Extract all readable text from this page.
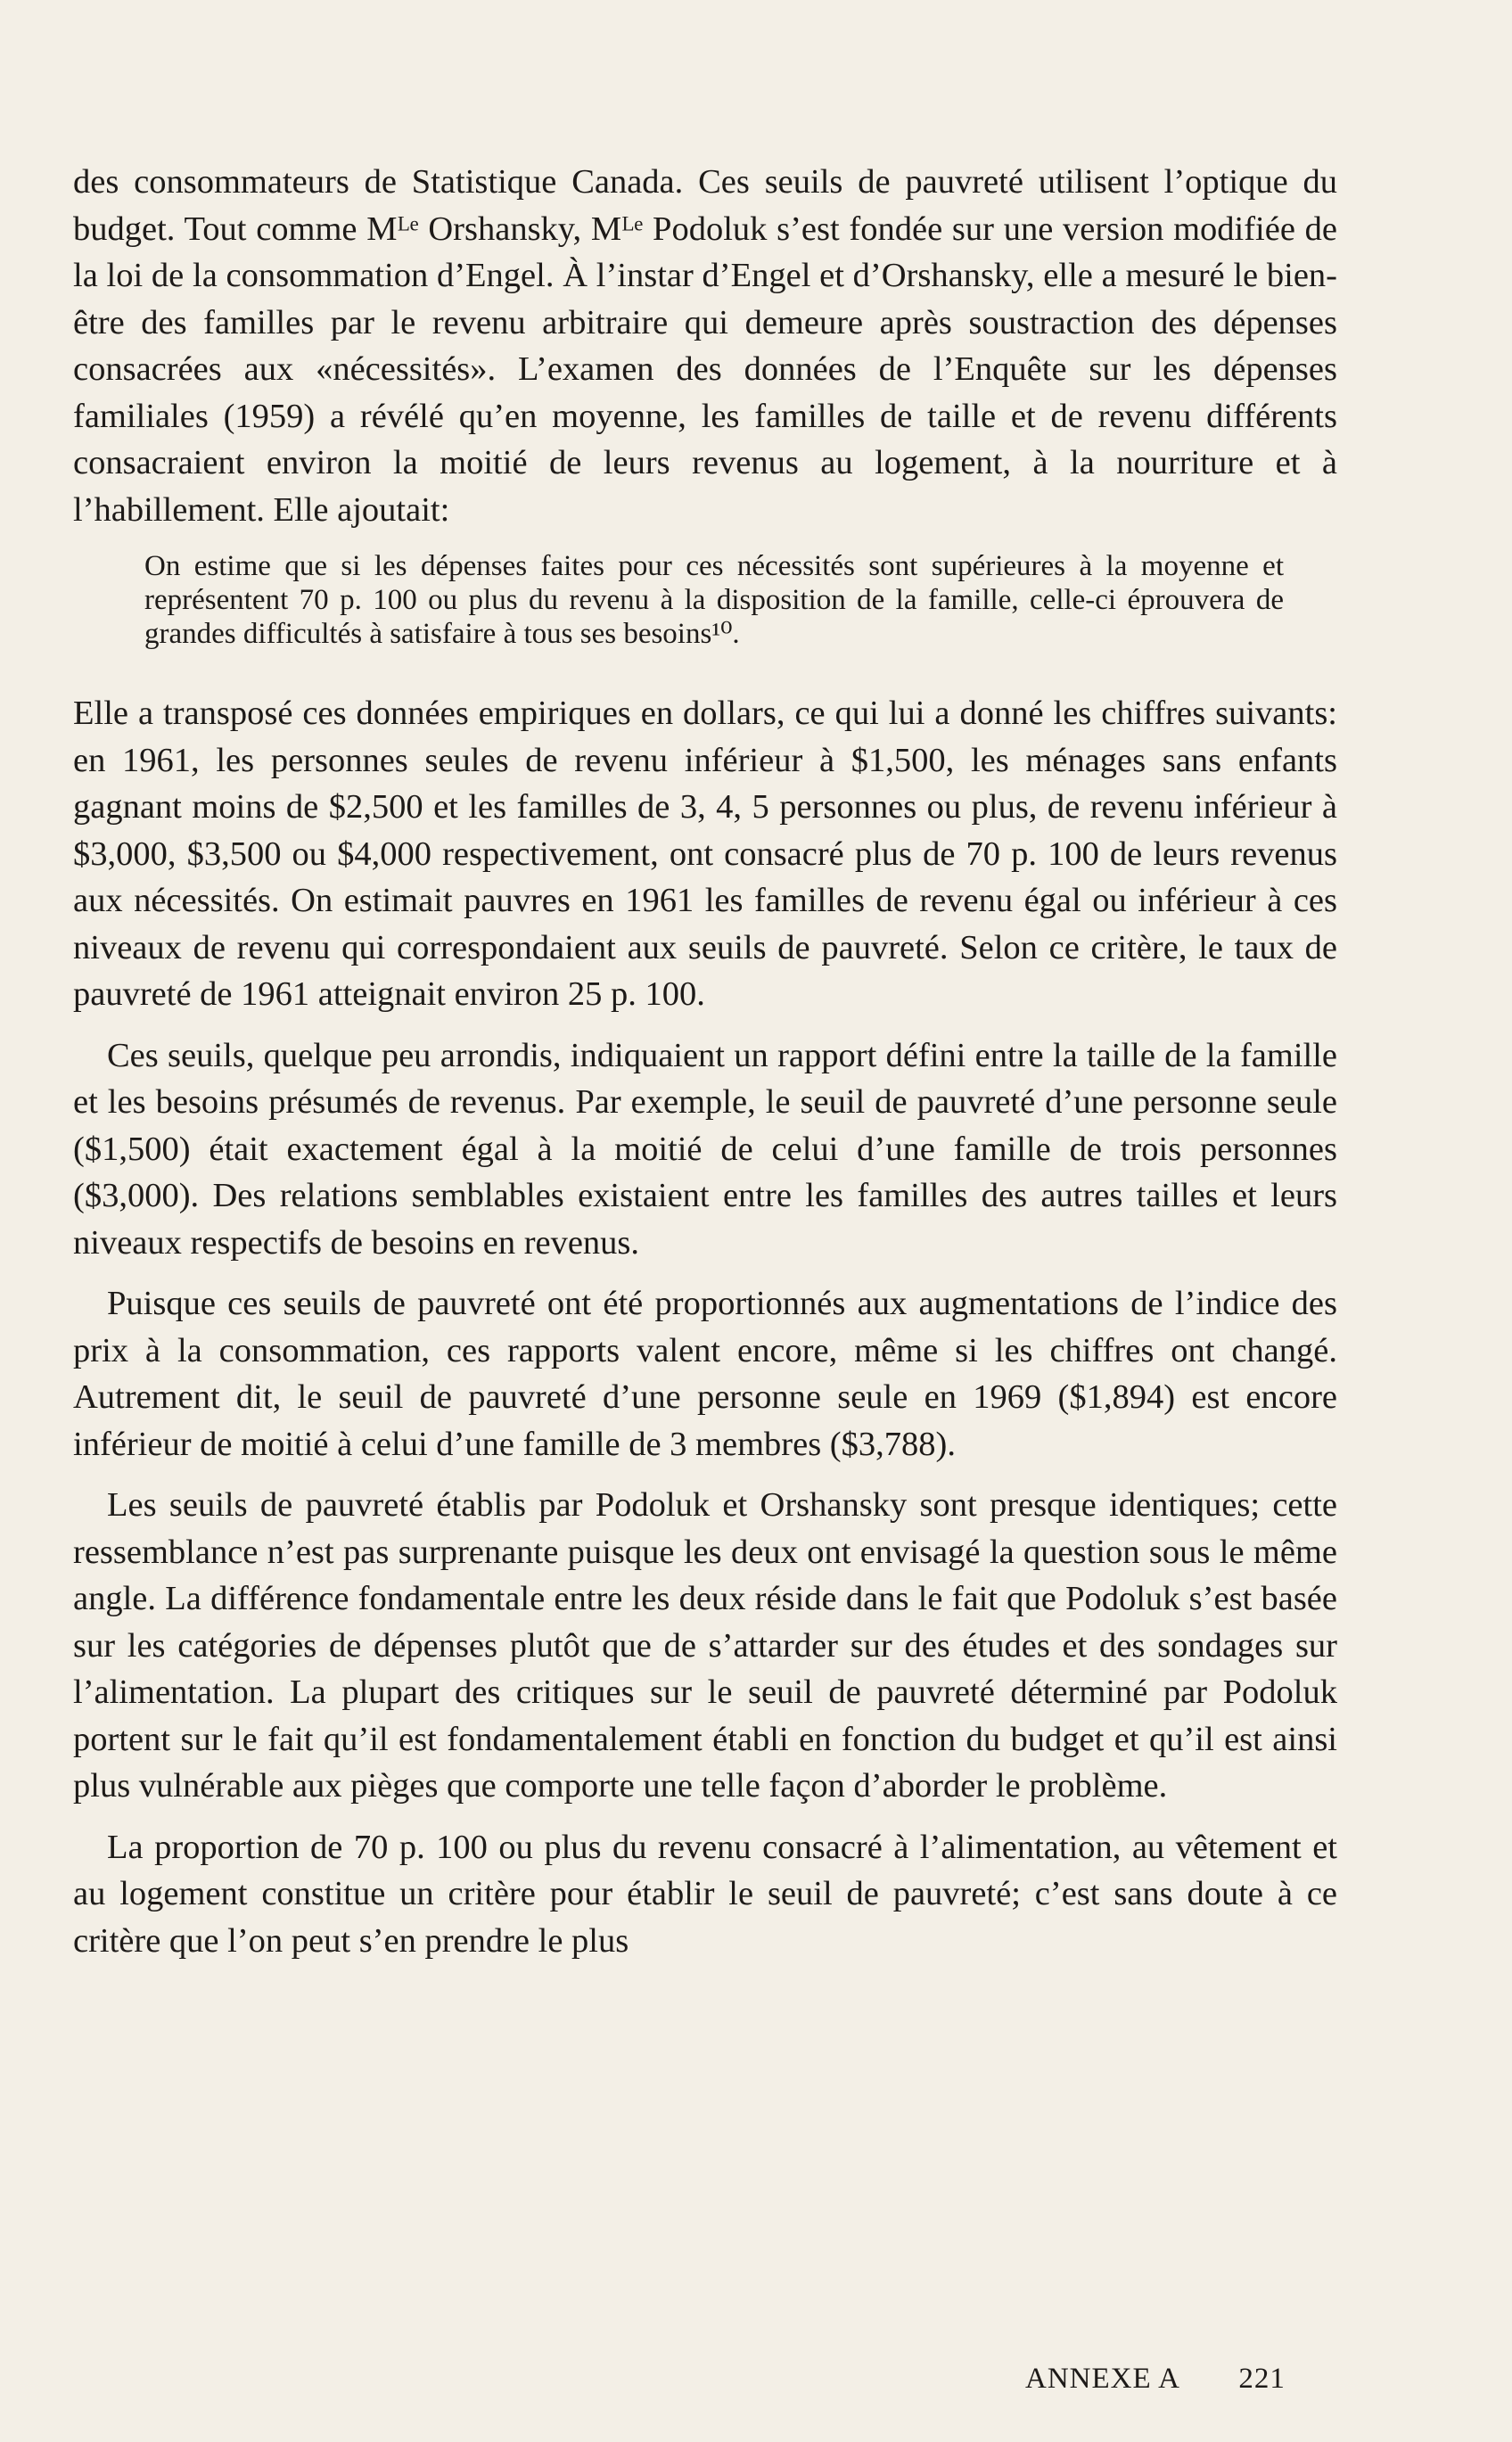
des consommateurs de Statistique Canada. Ces seuils de pauvreté utilisent l’optique du budget. Tout comme Mᴸᵉ Orshansky, Mᴸᵉ Podoluk s’est fondée sur une version modifiée de la loi de la consommation d’Engel. À l’instar d’Engel et d’Orshansky, elle a mesuré le bien-être des familles par le revenu arbitraire qui demeure après soustraction des dépenses consacrées aux «nécessités». L’examen des données de l’Enquête sur les dépenses familiales (1959) a révélé qu’en moyenne, les familles de taille et de revenu différents consacraient environ la moitié de leurs revenus au logement, à la nourriture et à l’habillement. Elle ajoutait:

On estime que si les dépenses faites pour ces nécessités sont supérieures à la moyenne et représentent 70 p. 100 ou plus du revenu à la disposition de la famille, celle-ci éprouvera de grandes difficultés à satisfaire à tous ses besoins¹⁰.

Elle a transposé ces données empiriques en dollars, ce qui lui a donné les chiffres suivants: en 1961, les personnes seules de revenu inférieur à $1,500, les ménages sans enfants gagnant moins de $2,500 et les familles de 3, 4, 5 personnes ou plus, de revenu inférieur à $3,000, $3,500 ou $4,000 respectivement, ont consacré plus de 70 p. 100 de leurs revenus aux nécessités. On estimait pauvres en 1961 les familles de revenu égal ou inférieur à ces niveaux de revenu qui correspondaient aux seuils de pauvreté. Selon ce critère, le taux de pauvreté de 1961 atteignait environ 25 p. 100.

Ces seuils, quelque peu arrondis, indiquaient un rapport défini entre la taille de la famille et les besoins présumés de revenus. Par exemple, le seuil de pauvreté d’une personne seule ($1,500) était exactement égal à la moitié de celui d’une famille de trois personnes ($3,000). Des relations semblables existaient entre les familles des autres tailles et leurs niveaux respectifs de besoins en revenus.

Puisque ces seuils de pauvreté ont été proportionnés aux augmentations de l’indice des prix à la consommation, ces rapports valent encore, même si les chiffres ont changé. Autrement dit, le seuil de pauvreté d’une personne seule en 1969 ($1,894) est encore inférieur de moitié à celui d’une famille de 3 membres ($3,788).

Les seuils de pauvreté établis par Podoluk et Orshansky sont presque identiques; cette ressemblance n’est pas surprenante puisque les deux ont envisagé la question sous le même angle. La différence fondamentale entre les deux réside dans le fait que Podoluk s’est basée sur les catégories de dépenses plutôt que de s’attarder sur des études et des sondages sur l’alimentation. La plupart des critiques sur le seuil de pauvreté déterminé par Podoluk portent sur le fait qu’il est fondamentalement établi en fonction du budget et qu’il est ainsi plus vulnérable aux pièges que comporte une telle façon d’aborder le problème.

La proportion de 70 p. 100 ou plus du revenu consacré à l’alimentation, au vêtement et au logement constitue un critère pour établir le seuil de pauvreté; c’est sans doute à ce critère que l’on peut s’en prendre le plus

ANNEXE A 221
